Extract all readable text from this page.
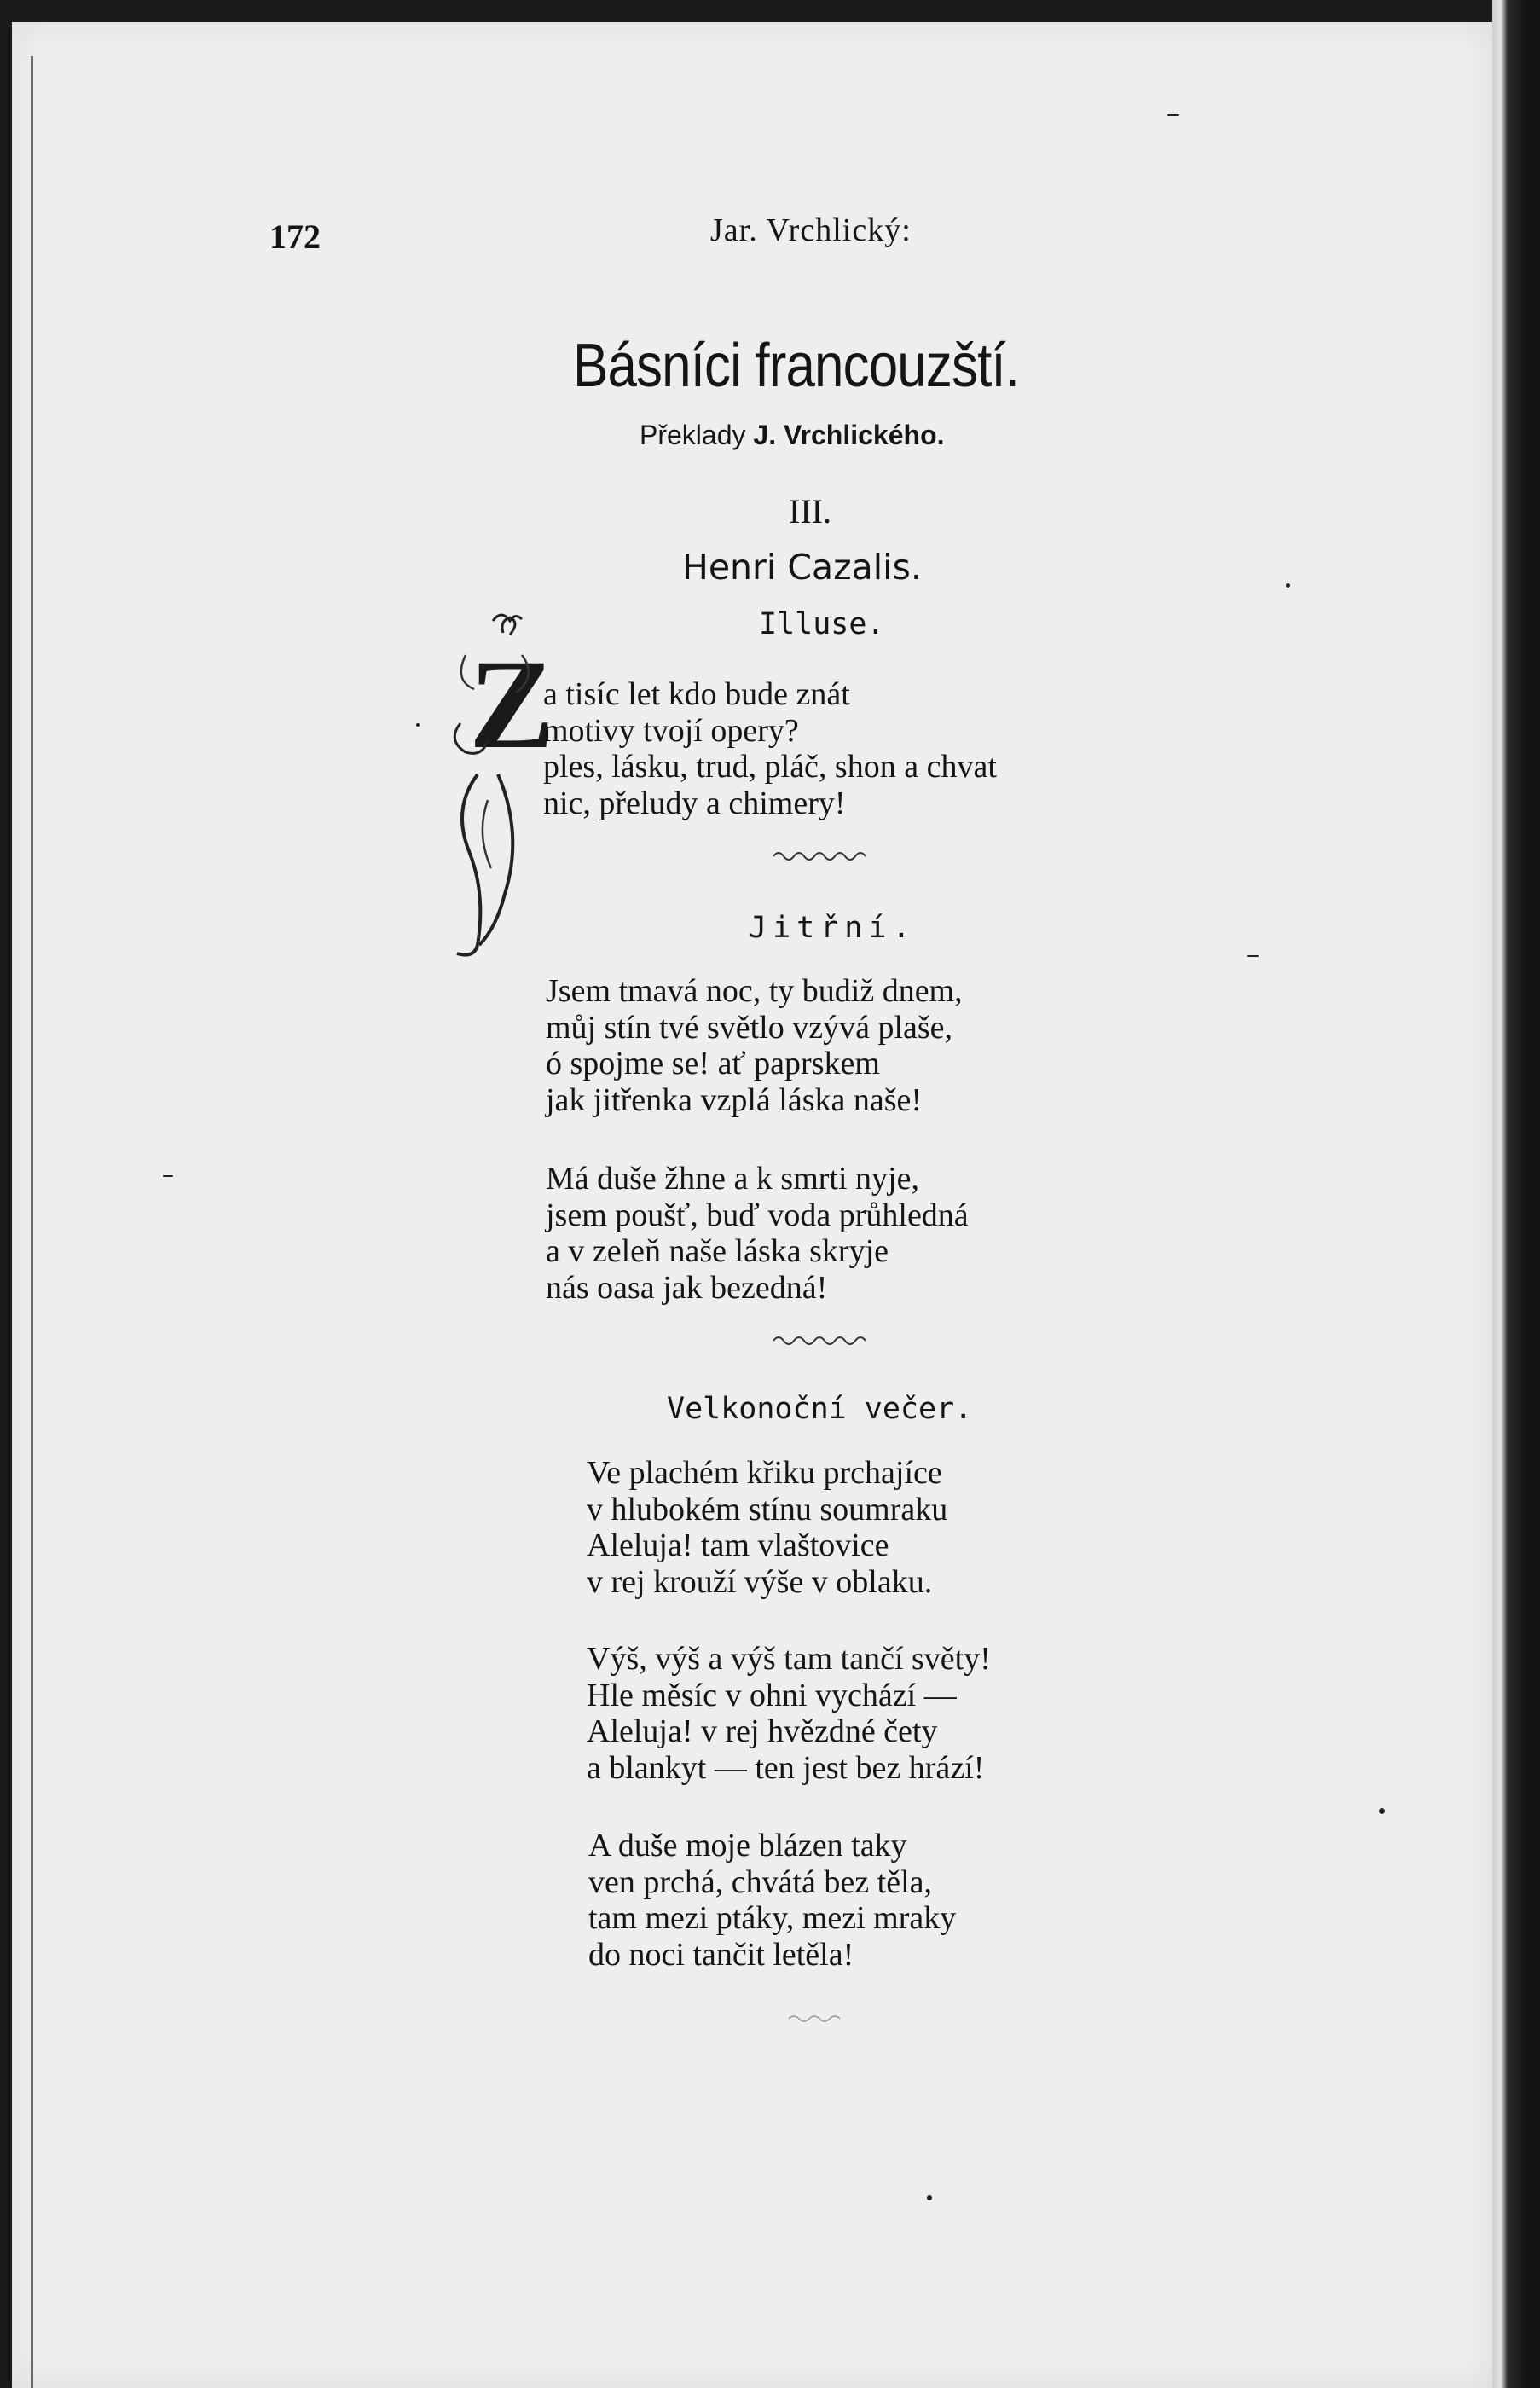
172	Jar. Vrchlický:
Básníci francouzští.
Překlady J. Vrchlického.
III.
Henri Cazalis.
Illuse.
Z
a tisíc let kdo bude znát
motivy tvojí opery?
ples, lásku, trud, pláč, shon a chvat
nic, přeludy a chimery!
Jitřní.
Jsem tmavá noc, ty budiž dnem,
můj stín tvé světlo vzývá plaše,
ó spojme se! ať paprskem
jak jitřenka vzplá láska naše!
Má duše žhne a k smrti nyje,
jsem poušť, buď voda průhledná
a v zeleň naše láska skryje
nás oasa jak bezedná!
Velkonoční večer.
Ve plachém křiku prchajíce
v hlubokém stínu soumraku
Aleluja! tam vlaštovice
v rej krouží výše v oblaku.
Výš, výš a výš tam tančí světy!
Hle měsíc v ohni vychází —
Aleluja! v rej hvězdné čety
a blankyt — ten jest bez hrází!
A duše moje blázen taky
ven prchá, chvátá bez těla,
tam mezi ptáky, mezi mraky
do noci tančit letěla!
